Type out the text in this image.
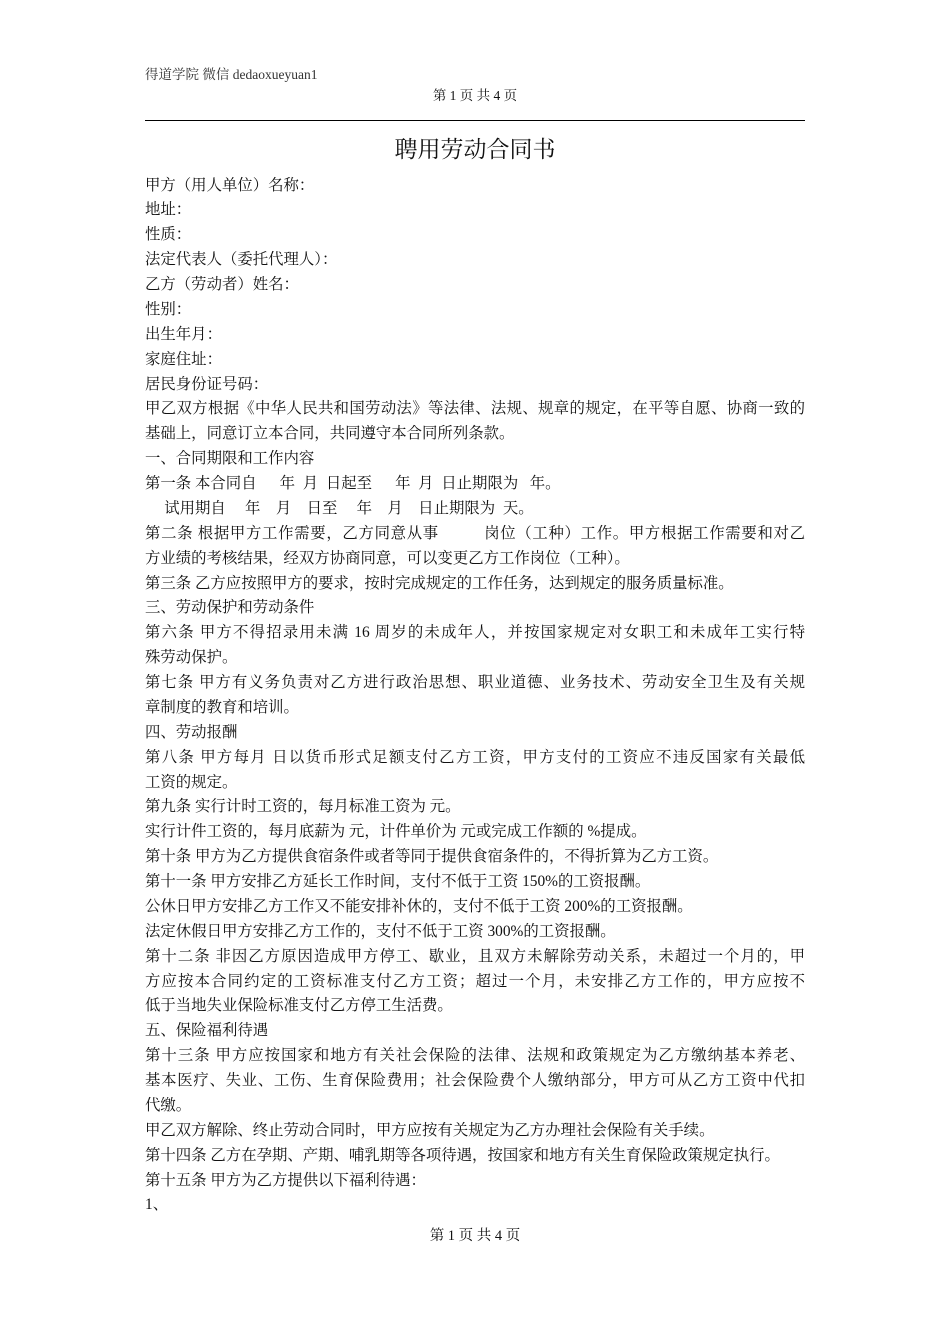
得道学院 微信 dedaoxueyuan1
第 1 页 共 4 页
聘用劳动合同书
甲方（用人单位）名称：
地址：
性质：
法定代表人（委托代理人）：
乙方（劳动者）姓名：
性别：
出生年月：
家庭住址：
居民身份证号码：
甲乙双方根据《中华人民共和国劳动法》等法律、法规、规章的规定，在平等自愿、协商一致的
基础上，同意订立本合同，共同遵守本合同所列条款。
一、合同期限和工作内容
第一条 本合同自      年  月  日起至      年  月  日止期限为   年。
试用期自     年    月    日至     年    月    日止期限为  天。
第二条 根据甲方工作需要，乙方同意从事          岗位（工种）工作。甲方根据工作需要和对乙
方业绩的考核结果，经双方协商同意，可以变更乙方工作岗位（工种）。
第三条 乙方应按照甲方的要求，按时完成规定的工作任务，达到规定的服务质量标准。
三、劳动保护和劳动条件
第六条 甲方不得招录用未满 16 周岁的未成年人，并按国家规定对女职工和未成年工实行特
殊劳动保护。
第七条 甲方有义务负责对乙方进行政治思想、职业道德、业务技术、劳动安全卫生及有关规
章制度的教育和培训。
四、劳动报酬
第八条 甲方每月 日以货币形式足额支付乙方工资，甲方支付的工资应不违反国家有关最低
工资的规定。
第九条 实行计时工资的，每月标准工资为 元。
实行计件工资的，每月底薪为 元，计件单价为 元或完成工作额的 %提成。
第十条 甲方为乙方提供食宿条件或者等同于提供食宿条件的，不得折算为乙方工资。
第十一条 甲方安排乙方延长工作时间，支付不低于工资 150%的工资报酬。
公休日甲方安排乙方工作又不能安排补休的，支付不低于工资 200%的工资报酬。
法定休假日甲方安排乙方工作的，支付不低于工资 300%的工资报酬。
第十二条 非因乙方原因造成甲方停工、歇业，且双方未解除劳动关系，未超过一个月的，甲
方应按本合同约定的工资标准支付乙方工资；超过一个月，未安排乙方工作的，甲方应按不
低于当地失业保险标准支付乙方停工生活费。
五、保险福利待遇
第十三条 甲方应按国家和地方有关社会保险的法律、法规和政策规定为乙方缴纳基本养老、
基本医疗、失业、工伤、生育保险费用；社会保险费个人缴纳部分，甲方可从乙方工资中代扣
代缴。
甲乙双方解除、终止劳动合同时，甲方应按有关规定为乙方办理社会保险有关手续。
第十四条 乙方在孕期、产期、哺乳期等各项待遇，按国家和地方有关生育保险政策规定执行。
第十五条 甲方为乙方提供以下福利待遇：
1、
第 1 页 共 4 页
